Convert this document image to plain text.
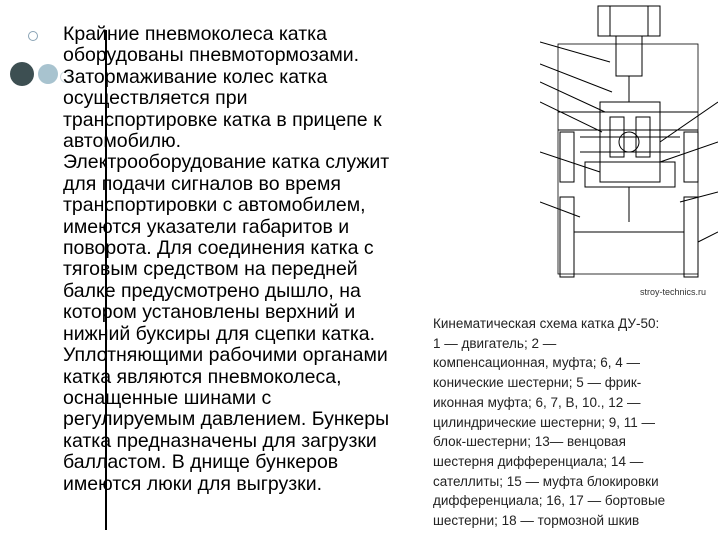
Крайние пневмоколеса катка
оборудованы пневмотормозами.
Затормаживание колес катка
осуществляется при
транспортировке катка в прицепе к
автомобилю.
Электрооборудование катка служит
для подачи сигналов во время
транспортировки с автомобилем,
имеются указатели габаритов и
поворота. Для соединения катка с
тяговым средством на передней
балке предусмотрено дышло, на
котором установлены верхний и
нижний буксиры для сцепки катка.
Уплотняющими рабочими органами
катка являются пневмоколеса,
оснащенные шинами с
регулируемым давлением. Бункеры
катка предназначены для загрузки
балластом. В днище бункеров
имеются люки для выгрузки.
stroy-technics.ru
Кинематическая схема катка ДУ-50:
1 — двигатель; 2 —
компенсационная, муфта; 6, 4 —
конические шестерни; 5 — фрик-
иконная муфта; 6, 7, В, 10., 12 —
цилиндрические шестерни; 9, 11 —
блок-шестерни; 13— венцовая
шестерня дифференциала; 14 —
сателлиты; 15 — муфта блокировки
дифференциала; 16, 17 — бортовые
шестерни; 18 — тормозной шкив
